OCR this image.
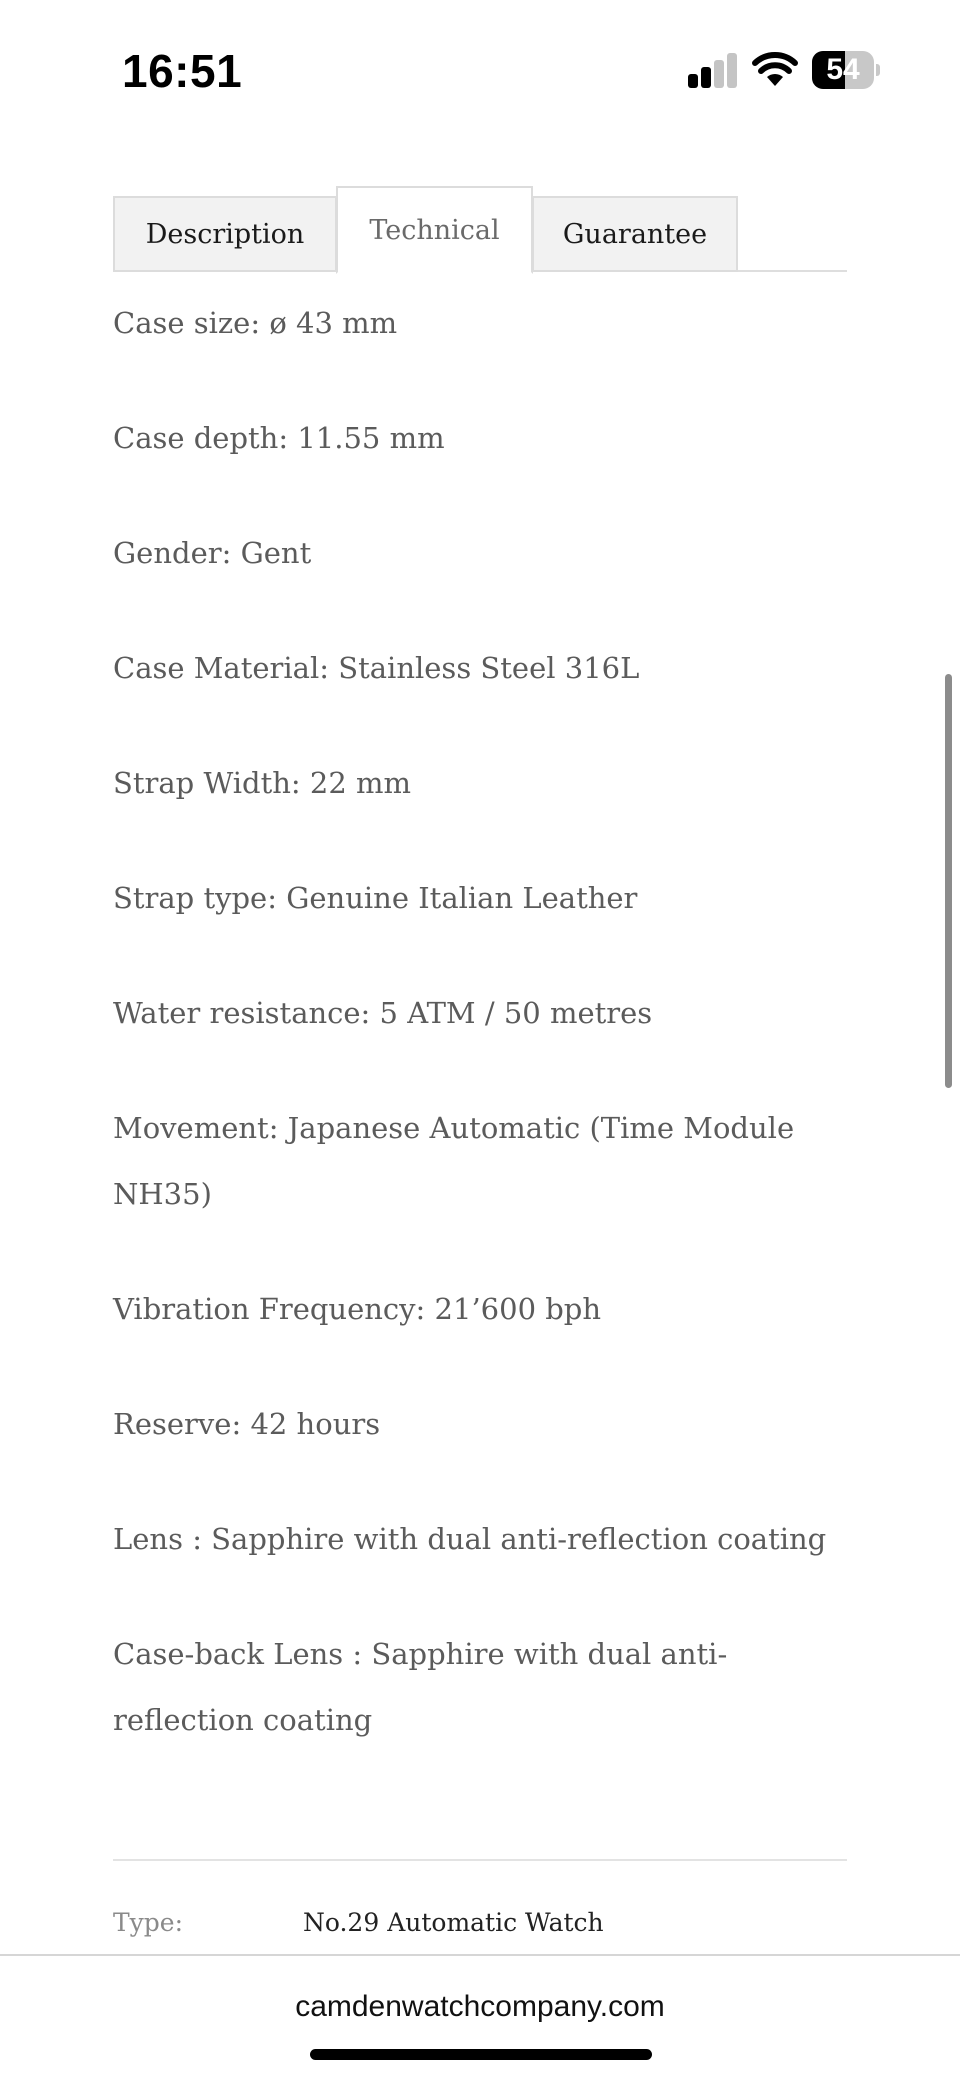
16:51	54
Description	Technical	Guarantee

Case size: ø 43 mm

Case depth: 11.55 mm

Gender: Gent

Case Material: Stainless Steel 316L

Strap Width: 22 mm

Strap type: Genuine Italian Leather

Water resistance: 5 ATM / 50 metres

Movement: Japanese Automatic (Time Module NH35)

Vibration Frequency: 21’600 bph

Reserve: 42 hours

Lens : Sapphire with dual anti-reflection coating

Case-back Lens : Sapphire with dual anti-reflection coating

Type:	No.29 Automatic Watch
camdenwatchcompany.com
